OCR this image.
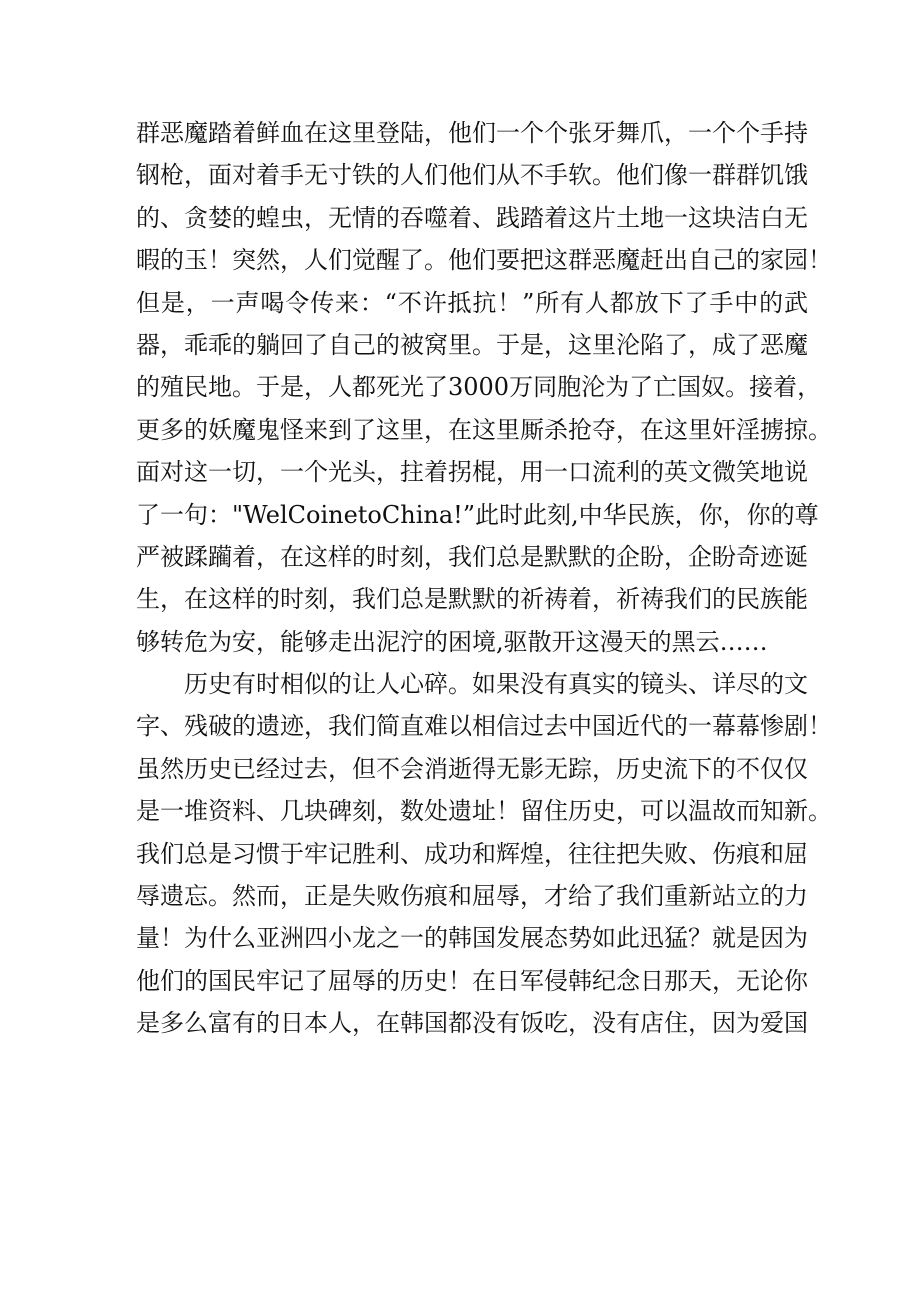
群恶魔踏着鲜血在这里登陆，他们一个个张牙舞爪，一个个手持
钢枪，面对着手无寸铁的人们他们从不手软。他们像一群群饥饿
的、贪婪的蝗虫，无情的吞噬着、践踏着这片土地一这块洁白无
暇的玉！突然，人们觉醒了。他们要把这群恶魔赶出自己的家园！
但是，一声喝令传来：“不许抵抗！”所有人都放下了手中的武
器，乖乖的躺回了自己的被窝里。于是，这里沦陷了，成了恶魔
的殖民地。于是，人都死光了3000万同胞沦为了亡国奴。接着，
更多的妖魔鬼怪来到了这里，在这里厮杀抢夺，在这里奸淫掳掠。
面对这一切，一个光头，拄着拐棍，用一口流利的英文微笑地说
了一句："WelCoinetoChina!”此时此刻,中华民族，你，你的尊
严被蹂躏着，在这样的时刻，我们总是默默的企盼，企盼奇迹诞
生，在这样的时刻，我们总是默默的祈祷着，祈祷我们的民族能
够转危为安，能够走出泥泞的困境,驱散开这漫天的黑云……
历史有时相似的让人心碎。如果没有真实的镜头、详尽的文
字、残破的遗迹，我们简直难以相信过去中国近代的一幕幕惨剧！
虽然历史已经过去，但不会消逝得无影无踪，历史流下的不仅仅
是一堆资料、几块碑刻，数处遗址！留住历史，可以温故而知新。
我们总是习惯于牢记胜利、成功和辉煌，往往把失败、伤痕和屈
辱遗忘。然而，正是失败伤痕和屈辱，才给了我们重新站立的力
量！为什么亚洲四小龙之一的韩国发展态势如此迅猛？就是因为
他们的国民牢记了屈辱的历史！在日军侵韩纪念日那天，无论你
是多么富有的日本人，在韩国都没有饭吃，没有店住，因为爱国
